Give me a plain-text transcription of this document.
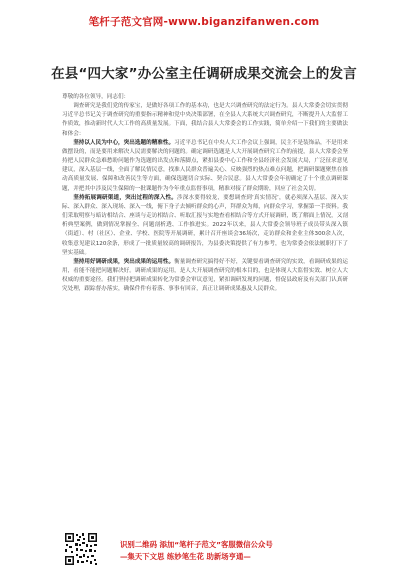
笔杆子范文官网-www.biganzifanwen.com
在县“四大家”办公室主任调研成果交流会上的发言

尊敬的各位领导，同志们：

调查研究是我们党的传家宝，是做好各项工作的基本功，也是大兴调查研究的法定行为。县人大常委会切实贯彻习近平总书记关于调查研究的重要指示精神和党中央决策部署，在全县人大系统大兴调查研究，不断提升人大监督工作质效，推动新时代人大工作的高质量发展。下面，我结合县人大常委会的工作实践，简单介绍一下我们的主要做法和体会：

坚持以人民为中心，突出选题的精准性。习近平总书记在中央人大工作会议上强调，民主不是装饰品，不是用来做摆设的，而是要用来解决人民需要解决的问题的。确定调研选题是人大开展调查研究工作的前提，县人大常委会坚持把人民群众急难愁盼问题作为选题的出发点和落脚点，紧扣县委中心工作和全县经济社会发展大局，广泛征求意见建议，深入基层一线，全面了解民情民意，找准人民群众普遍关心、反映强烈的热点难点问题，把调研课题聚焦在推动高质量发展、保障和改善民生等方面，确保选题切合实际、契合民意。县人大常委会年初确定了十个重点调研课题，并把其中涉及民生保障的一批课题作为今年重点监督事项，精准对接了群众期盼，回应了社会关切。

坚持拓展调研渠道，突出过程的深入性。涉深水要得较龙，要想调查到‘真实情况’，就必须深入基层、深入实际、深入群众、深入现场、深入一线，俯下身子去倾听群众的心声，拜群众为师，向群众学习，掌握第一手资料。我们采取明察与暗访相结合、座谈与走访相结合、听取汇报与实地查看相结合等方式开展调研，既了解面上情况，又剖析典型案例，做到情况掌握全、问题剖析透、工作推进实。2022年以来，县人大常委会领导班子成员带头深入镇（街道）、村（社区）、企业、学校、医院等开展调研，累计召开座谈会36场次，走访群众和企业主体300余人次，收集意见建议120余条，形成了一批质量较高的调研报告，为县委决策提供了有力参考，也为常委会依法履职打下了坚实基础。

坚持用好调研成果，突出成果的运用性。衡量调查研究搞得好不好，关键要看调查研究的实效，看调研成果的运用，看能不能把问题解决好。调研成果的运用，是人大开展调查研究的根本目的，也是体现人大监督实效、树立人大权威的重要途径。我们坚持把调研成果转化为常委会审议意见，紧扣调研发现的问题，督促县政府及有关部门认真研究处理，跟踪督办落实，确保件件有着落、事事有回音，真正让调研成果惠及人民群众。

识别二维码 添加“笔杆子范文”客服微信公众号
—集天下文思 练妙笔生花 助新场亨通—
